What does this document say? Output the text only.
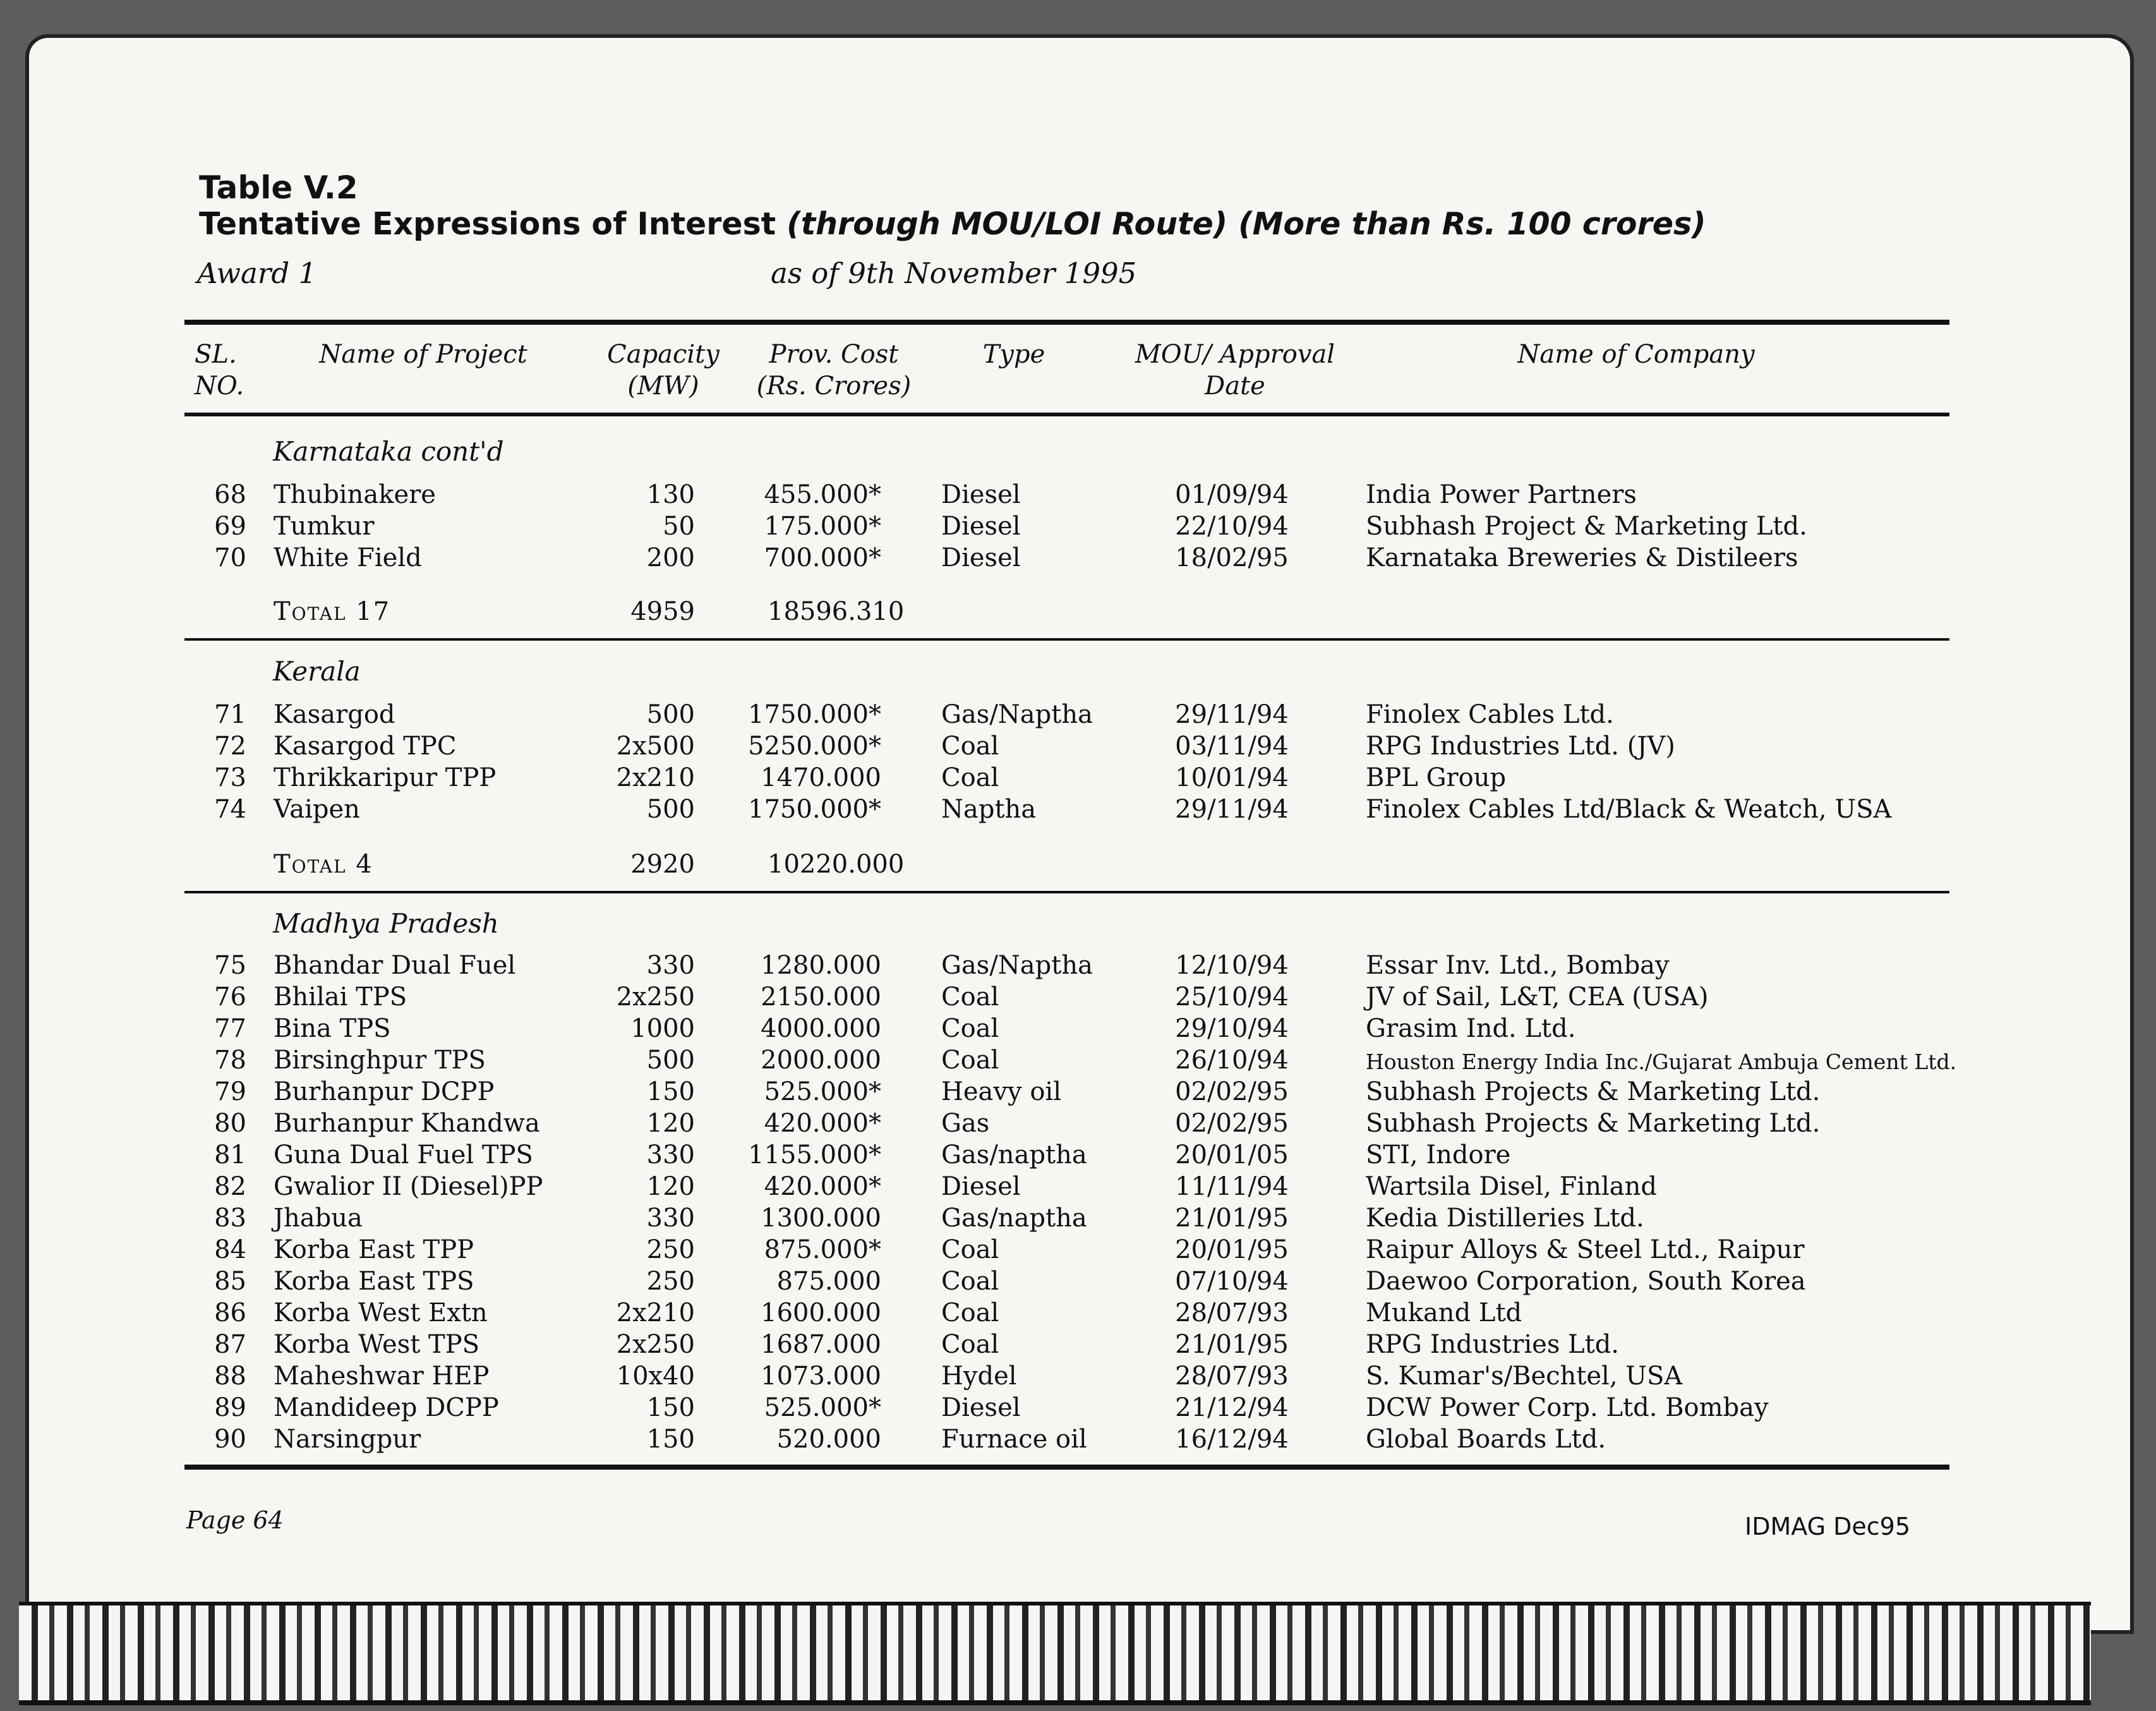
Table V.2
Tentative Expressions of Interest (through MOU/LOI Route) (More than Rs. 100 crores)
Award 1	as of 9th November 1995
SL. NO.
Name of Project	Capacity (MW)
Prov. Cost (Rs. Crores)
Type	MOU/ Approval Date
Name of Company
Karnataka cont'd
68 Thubinakere	130	455.000* Diesel	01/09/94	India Power Partners
69 Tumkur	50	175.000* Diesel	22/10/94	Subhash Project & Marketing Ltd.
70 White Field	200	700.000* Diesel	18/02/95	Karnataka Breweries & Distileers
Total 17	4959	18596.310
Kerala
71 Kasargod	500	1750.000* Gas/Naptha	29/11/94	Finolex Cables Ltd.
72 Kasargod TPC	2x500	5250.000* Coal	03/11/94	RPG Industries Ltd. (JV)
73 Thrikkaripur TPP	2x210	1470.000 Coal	10/01/94	BPL Group
74 Vaipen	500	1750.000* Naptha	29/11/94	Finolex Cables Ltd/Black & Weatch, USA
Total 4	2920	10220.000
Madhya Pradesh
75 Bhandar Dual Fuel	330	1280.000 Gas/Naptha	12/10/94	Essar Inv. Ltd., Bombay
76 Bhilai TPS	2x250	2150.000 Coal	25/10/94	JV of Sail, L&T, CEA (USA)
77 Bina TPS	1000	4000.000 Coal	29/10/94	Grasim Ind. Ltd.
78 Birsinghpur TPS	500	2000.000 Coal	26/10/94	Houston Energy India Inc./Gujarat Ambuja Cement Ltd.
79 Burhanpur DCPP	150	525.000* Heavy oil	02/02/95	Subhash Projects & Marketing Ltd.
80 Burhanpur Khandwa	120	420.000* Gas	02/02/95	Subhash Projects & Marketing Ltd.
81 Guna Dual Fuel TPS	330	1155.000* Gas/naptha	20/01/05	STI, Indore
82 Gwalior II (Diesel)PP	120	420.000* Diesel	11/11/94	Wartsila Disel, Finland
83 Jhabua	330	1300.000 Gas/naptha	21/01/95	Kedia Distilleries Ltd.
84 Korba East TPP	250	875.000* Coal	20/01/95	Raipur Alloys & Steel Ltd., Raipur
85 Korba East TPS	250	875.000 Coal	07/10/94	Daewoo Corporation, South Korea
86 Korba West Extn	2x210	1600.000 Coal	28/07/93	Mukand Ltd
87 Korba West TPS	2x250	1687.000 Coal	21/01/95	RPG Industries Ltd.
88 Maheshwar HEP	10x40	1073.000 Hydel	28/07/93	S. Kumar's/Bechtel, USA
89 Mandideep DCPP	150	525.000* Diesel	21/12/94	DCW Power Corp. Ltd. Bombay
90 Narsingpur	150	520.000 Furnace oil	16/12/94	Global Boards Ltd.
Page 64	IDMAG Dec95
